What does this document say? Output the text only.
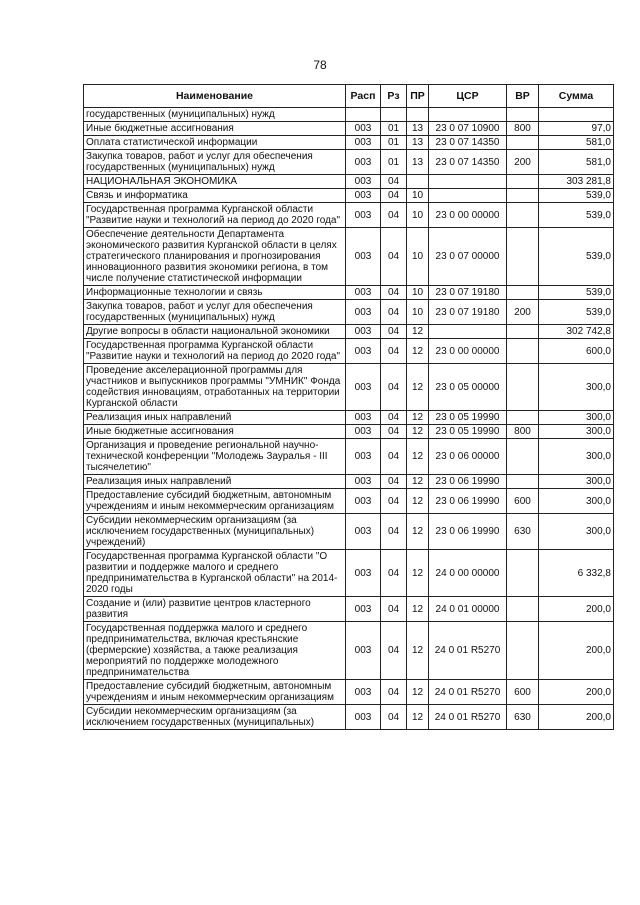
78
Наименование	Расп	Рз	ПР	ЦСР	ВР	Сумма
государственных (муниципальных) нужд						
Иные бюджетные ассигнования	003	01	13	23 0 07 10900	800	97,0
Оплата статистической информации	003	01	13	23 0 07 14350		581,0
Закупка товаров, работ и услуг для обеспечения государственных (муниципальных) нужд	003	01	13	23 0 07 14350	200	581,0
НАЦИОНАЛЬНАЯ ЭКОНОМИКА	003	04				303 281,8
Связь и информатика	003	04	10			539,0
Государственная программа Курганской области "Развитие науки и технологий на период до 2020 года"	003	04	10	23 0 00 00000		539,0
Обеспечение деятельности Департамента экономического развития Курганской области в целях стратегического планирования и прогнозирования инновационного развития экономики региона, в том числе получение статистической информации	003	04	10	23 0 07 00000		539,0
Информационные технологии и связь	003	04	10	23 0 07 19180		539,0
Закупка товаров, работ и услуг для обеспечения государственных (муниципальных) нужд	003	04	10	23 0 07 19180	200	539,0
Другие вопросы в области национальной экономики	003	04	12			302 742,8
Государственная программа Курганской области "Развитие науки и технологий на период до 2020 года"	003	04	12	23 0 00 00000		600,0
Проведение акселерационной программы для участников и выпускников программы "УМНИК" Фонда содействия инновациям, отработанных на территории Курганской области	003	04	12	23 0 05 00000		300,0
Реализация иных направлений	003	04	12	23 0 05 19990		300,0
Иные бюджетные ассигнования	003	04	12	23 0 05 19990	800	300,0
Организация и проведение региональной научно-технической конференции "Молодежь Зауралья - III тысячелетию"	003	04	12	23 0 06 00000		300,0
Реализация иных направлений	003	04	12	23 0 06 19990		300,0
Предоставление субсидий бюджетным, автономным учреждениям и иным некоммерческим организациям	003	04	12	23 0 06 19990	600	300,0
Субсидии некоммерческим организациям (за исключением государственных (муниципальных) учреждений)	003	04	12	23 0 06 19990	630	300,0
Государственная программа Курганской области "О развитии и поддержке малого и среднего предпринимательства в Курганской области" на 2014-2020 годы	003	04	12	24 0 00 00000		6 332,8
Создание и (или) развитие центров кластерного развития	003	04	12	24 0 01 00000		200,0
Государственная поддержка малого и среднего предпринимательства, включая крестьянские (фермерские) хозяйства, а также реализация мероприятий по поддержке молодежного предпринимательства	003	04	12	24 0 01 R5270		200,0
Предоставление субсидий бюджетным, автономным учреждениям и иным некоммерческим организациям	003	04	12	24 0 01 R5270	600	200,0
Субсидии некоммерческим организациям (за исключением государственных (муниципальных)	003	04	12	24 0 01 R5270	630	200,0
